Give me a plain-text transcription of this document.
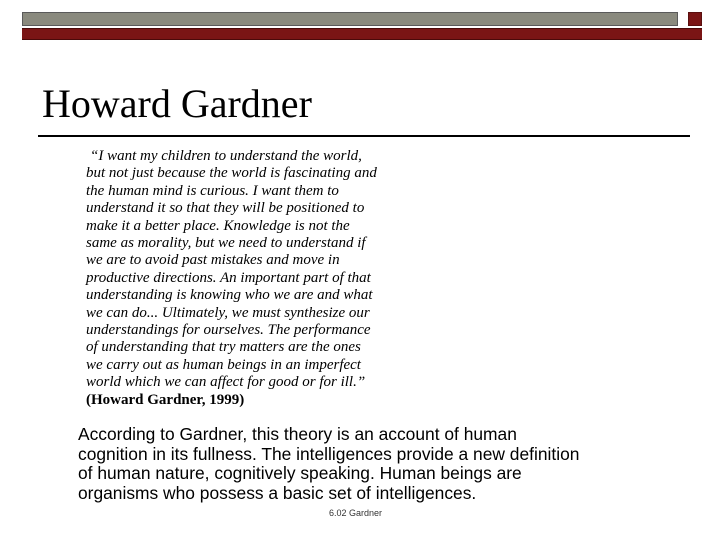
Howard Gardner
“I want my children to understand the world,
but not just because the world is fascinating and
the human mind is curious. I want them to
understand it so that they will be positioned to
make it a better place. Knowledge is not the
same as morality, but we need to understand if
we are to avoid past mistakes and move in
productive directions. An important part of that
understanding is knowing who we are and what
we can do... Ultimately, we must synthesize our
understandings for ourselves. The performance
of understanding that try matters are the ones
we carry out as human beings in an imperfect
world which we can affect for good or for ill.”
(Howard Gardner, 1999)
According to Gardner, this theory is an account of human
cognition in its fullness. The intelligences provide a new definition
of human nature, cognitively speaking. Human beings are
organisms who possess a basic set of intelligences.
6.02 Gardner
